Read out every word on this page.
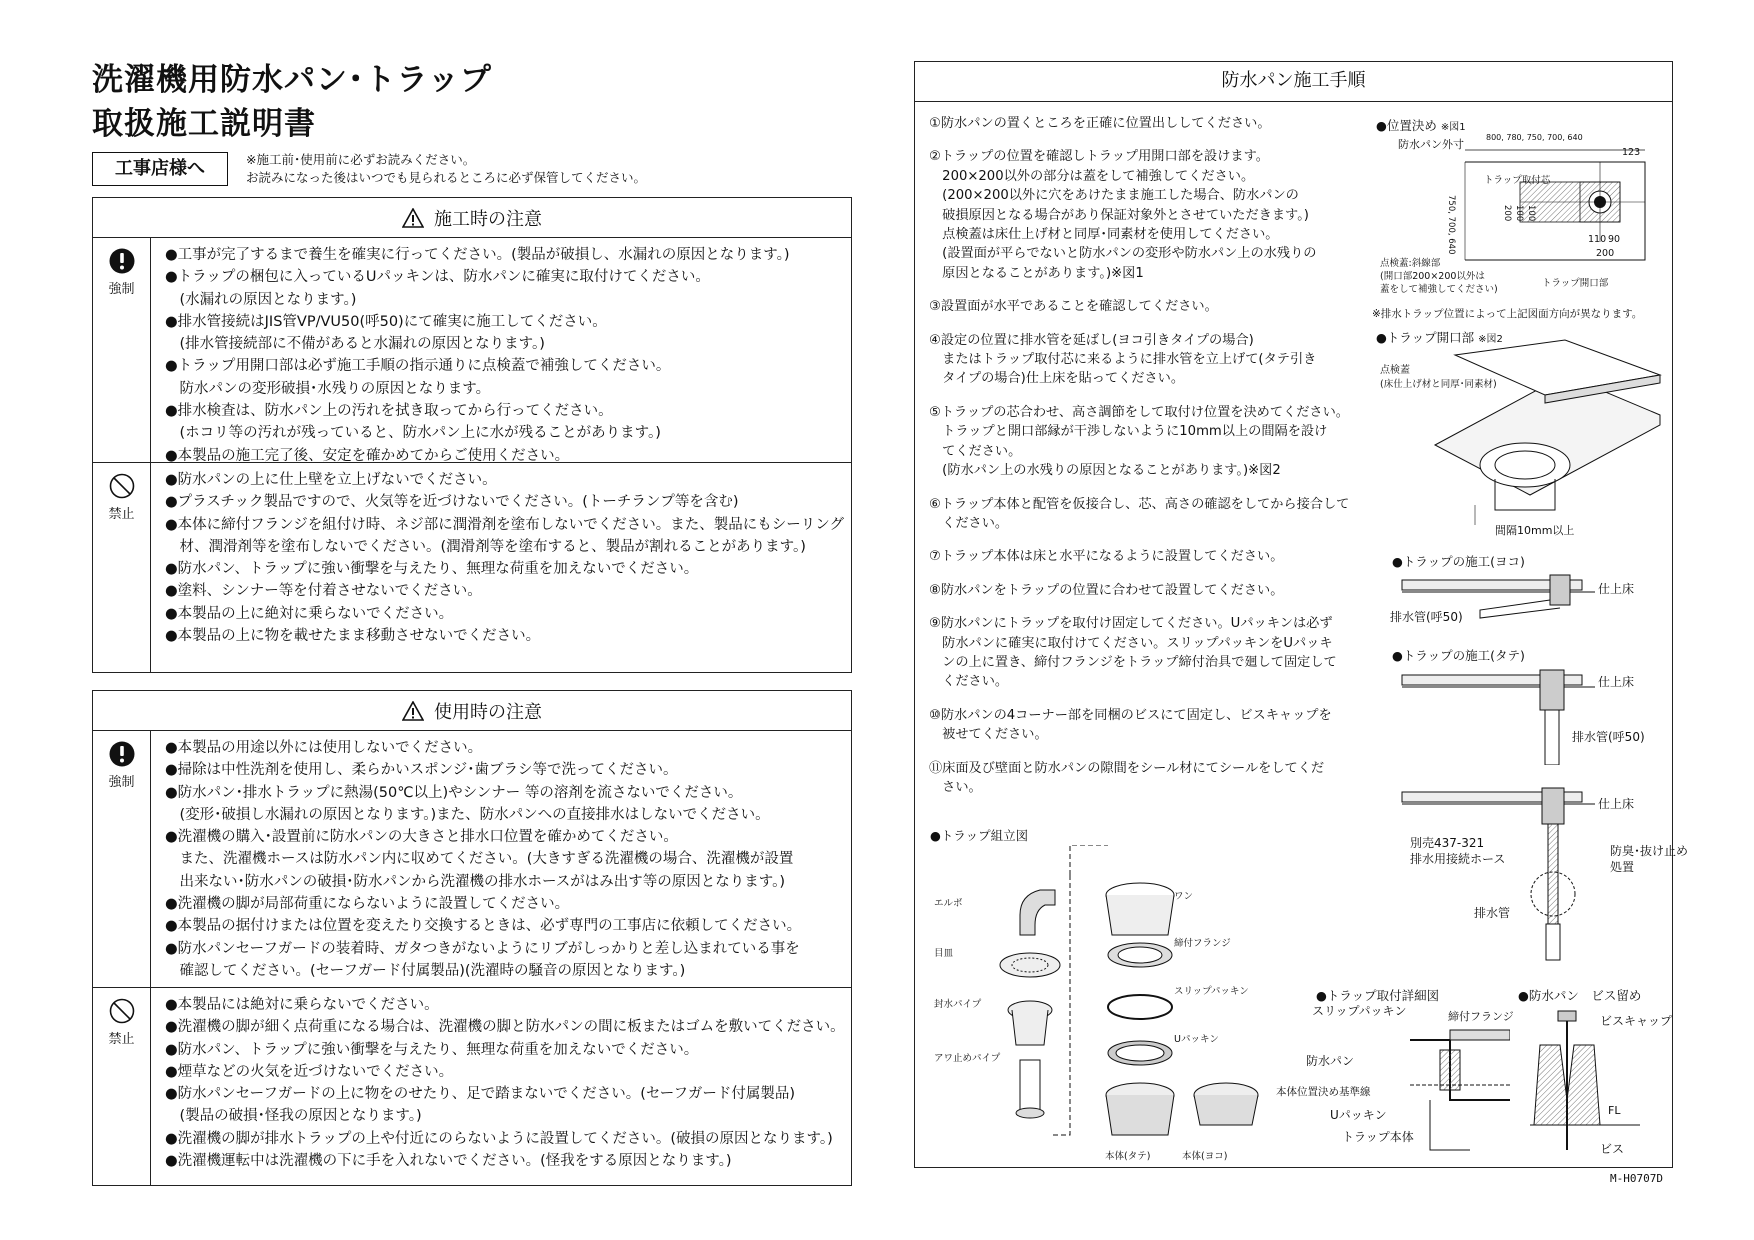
洗濯機用防水パン･トラップ
取扱施工説明書
工事店様へ	※施工前･使用前に必ずお読みください。
お読みになった後はいつでも見られるところに必ず保管してください。
施工時の注意
強制
●工事が完了するまで養生を確実に行ってください。(製品が破損し、水漏れの原因となります。)
●トラップの梱包に入っているUパッキンは、防水パンに確実に取付けてください。
　(水漏れの原因となります。)
●排水管接続はJIS管VP/VU50(呼50)にて確実に施工してください。
　(排水管接続部に不備があると水漏れの原因となります。)
●トラップ用開口部は必ず施工手順の指示通りに点検蓋で補強してください。
　防水パンの変形破損･水残りの原因となります。
●排水検査は、防水パン上の汚れを拭き取ってから行ってください。
　(ホコリ等の汚れが残っていると、防水パン上に水が残ることがあります。)
●本製品の施工完了後、安定を確かめてからご使用ください。
禁止
●防水パンの上に仕上壁を立上げないでください。
●プラスチック製品ですので、火気等を近づけないでください。(トーチランプ等を含む)
●本体に締付フランジを組付け時、ネジ部に潤滑剤を塗布しないでください。また、製品にもシーリング
　材、潤滑剤等を塗布しないでください。(潤滑剤等を塗布すると、製品が割れることがあります。)
●防水パン、トラップに強い衝撃を与えたり、無理な荷重を加えないでください。
●塗料、シンナー等を付着させないでください。
●本製品の上に絶対に乗らないでください。
●本製品の上に物を載せたまま移動させないでください。
使用時の注意
強制
●本製品の用途以外には使用しないでください。
●掃除は中性洗剤を使用し、柔らかいスポンジ･歯ブラシ等で洗ってください。
●防水パン･排水トラップに熱湯(50℃以上)やシンナー 等の溶剤を流さないでください。
　(変形･破損し水漏れの原因となります。)また、防水パンへの直接排水はしないでください。
●洗濯機の購入･設置前に防水パンの大きさと排水口位置を確かめてください。
　また、洗濯機ホースは防水パン内に収めてください。(大きすぎる洗濯機の場合、洗濯機が設置
　出来ない･防水パンの破損･防水パンから洗濯機の排水ホースがはみ出す等の原因となります。)
●洗濯機の脚が局部荷重にならないように設置してください。
●本製品の据付けまたは位置を変えたり交換するときは、必ず専門の工事店に依頼してください。
●防水パンセーフガードの装着時、ガタつきがないようにリブがしっかりと差し込まれている事を
　確認してください。(セーフガード付属製品)(洗濯時の騒音の原因となります。)
禁止
●本製品には絶対に乗らないでください。
●洗濯機の脚が細く点荷重になる場合は、洗濯機の脚と防水パンの間に板またはゴムを敷いてください。
●防水パン、トラップに強い衝撃を与えたり、無理な荷重を加えないでください。
●煙草などの火気を近づけないでください。
●防水パンセーフガードの上に物をのせたり、足で踏まないでください。(セーフガード付属製品)
　(製品の破損･怪我の原因となります。)
●洗濯機の脚が排水トラップの上や付近にのらないように設置してください。(破損の原因となります。)
●洗濯機運転中は洗濯機の下に手を入れないでください。(怪我をする原因となります。)
防水パン施工手順
①防水パンの置くところを正確に位置出ししてください。
②トラップの位置を確認しトラップ用開口部を設けます。
　200×200以外の部分は蓋をして補強してください。
　(200×200以外に穴をあけたまま施工した場合、防水パンの
　破損原因となる場合があり保証対象外とさせていただきます。)
　点検蓋は床仕上げ材と同厚･同素材を使用してください。
　(設置面が平らでないと防水パンの変形や防水パン上の水残りの
　原因となることがあります。)※図1
③設置面が水平であることを確認してください。
④設定の位置に排水管を延ばし(ヨコ引きタイプの場合)
　またはトラップ取付芯に来るように排水管を立上げて(タテ引き
　タイプの場合)仕上床を貼ってください。
⑤トラップの芯合わせ、高さ調節をして取付け位置を決めてください。
　トラップと開口部縁が干渉しないように10mm以上の間隔を設け
　てください。
　(防水パン上の水残りの原因となることがあります。)※図2
⑥トラップ本体と配管を仮接合し、芯、高さの確認をしてから接合して
　ください。
⑦トラップ本体は床と水平になるように設置してください。
⑧防水パンをトラップの位置に合わせて設置してください。
⑨防水パンにトラップを取付け固定してください。Uパッキンは必ず
　防水パンに確実に取付けてください。スリップパッキンをUパッキ
　ンの上に置き、締付フランジをトラップ締付治具で廻して固定して
　ください。
⑩防水パンの4コーナー部を同梱のビスにて固定し、ビスキャップを
　被せてください。
⑪床面及び壁面と防水パンの隙間をシール材にてシールをしてくだ
　さい。
●位置決め ※図1
防水パン外寸
800, 780, 750, 700, 640
123
トラップ取付芯
750, 700, 640	200 100 100
110 90
200
点検蓋:斜線部
(開口部200×200以外は
蓋をして補強してください)
トラップ開口部
※排水トラップ位置によって上記図面方向が異なります。
●トラップ開口部 ※図2
点検蓋
(床仕上げ材と同厚･同素材)
間隔10mm以上
●トラップの施工(ヨコ)
仕上床
排水管(呼50)
●トラップの施工(タテ)
仕上床
排水管(呼50)
仕上床
別売437-321
排水用接続ホース
防臭･抜け止め
処置
排水管
●トラップ組立図
エルボ
目皿
封水パイプ
アワ止めパイプ
ワン
締付フランジ
スリップパッキン
Uパッキン
本体(タテ)	本体(ヨコ)
●トラップ取付詳細図
スリップパッキン	締付フランジ
防水パン
本体位置決め基準線
Uパッキン
トラップ本体
●防水パン　ビス留め
ビスキャップ
FL
ビス
M-H0707D
